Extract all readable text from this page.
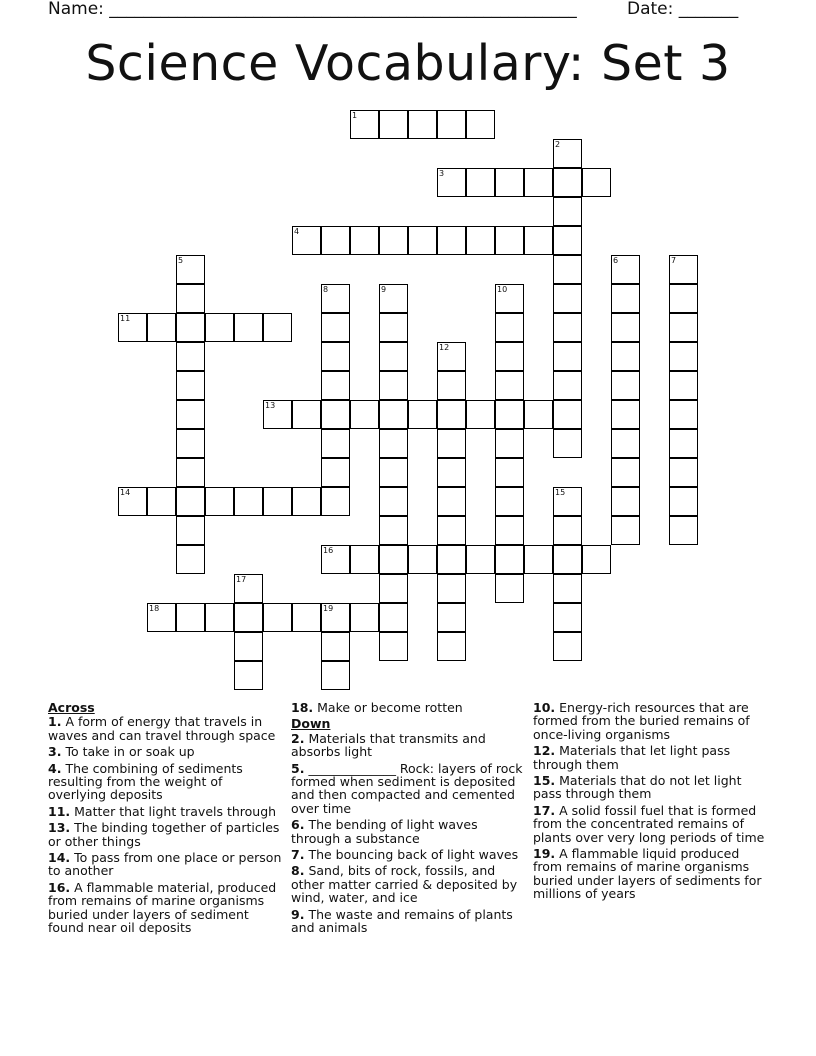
Name: _______________________________________________________	Date: _______
Science Vocabulary: Set 3
1
3
4
11
13
14
16
18	19
2
5	6	7
8	9	10
12
15
17
Across
1. A form of energy that travels in waves and can travel through space
3. To take in or soak up
4. The combining of sediments resulting from the weight of overlying deposits
11. Matter that light travels through
13. The binding together of particles or other things
14. To pass from one place or person to another
16. A flammable material, produced from remains of marine organisms buried under layers of sediment found near oil deposits
18. Make or become rotten
Down
2. Materials that transmits and absorbs light
5. ______________ Rock: layers of rock formed when sediment is deposited and then compacted and cemented over time
6. The bending of light waves through a substance
7. The bouncing back of light waves
8. Sand, bits of rock, fossils, and other matter carried & deposited by wind, water, and ice
9. The waste and remains of plants and animals
10. Energy-rich resources that are formed from the buried remains of once-living organisms
12. Materials that let light pass through them
15. Materials that do not let light pass through them
17. A solid fossil fuel that is formed from the concentrated remains of plants over very long periods of time
19. A flammable liquid produced from remains of marine organisms buried under layers of sediments for millions of years
